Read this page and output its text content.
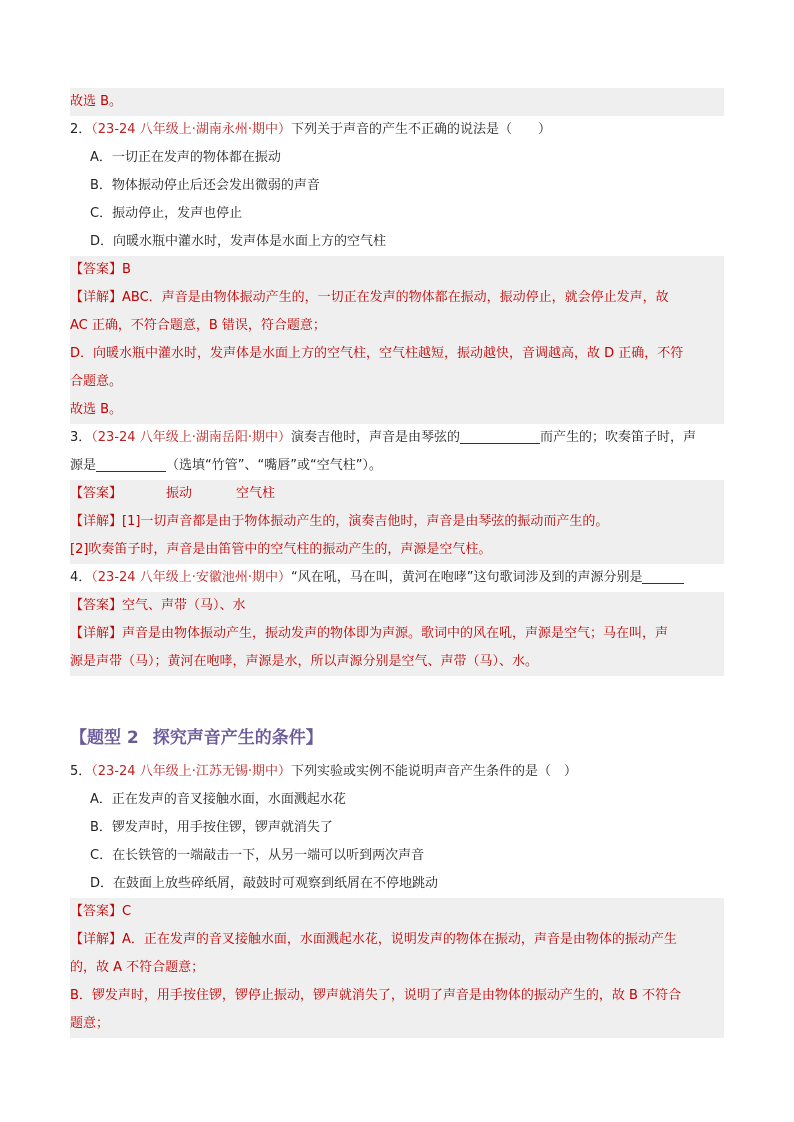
故选 B。
2．（23-24 八年级上·湖南永州·期中）下列关于声音的产生不正确的说法是（　　）
A．一切正在发声的物体都在振动
B．物体振动停止后还会发出微弱的声音
C．振动停止，发声也停止
D．向暖水瓶中灌水时，发声体是水面上方的空气柱
【答案】B
【详解】ABC．声音是由物体振动产生的，一切正在发声的物体都在振动，振动停止，就会停止发声，故
AC 正确，不符合题意，B 错误，符合题意；
D．向暖水瓶中灌水时，发声体是水面上方的空气柱，空气柱越短，振动越快，音调越高，故 D 正确，不符
合题意。
故选 B。
3．（23-24 八年级上·湖南岳阳·期中）演奏吉他时，声音是由琴弦的	而产生的；吹奏笛子时，声
源是	（选填“竹管”、“嘴唇”或“空气柱”）。
【答案】	振动	空气柱
【详解】[1]一切声音都是由于物体振动产生的，演奏吉他时，声音是由琴弦的振动而产生的。
[2]吹奏笛子时，声音是由笛管中的空气柱的振动产生的，声源是空气柱。
4．（23-24 八年级上·安徽池州·期中）“风在吼，马在叫，黄河在咆哮”这句歌词涉及到的声源分别是
【答案】空气、声带（马）、水
【详解】声音是由物体振动产生，振动发声的物体即为声源。歌词中的风在吼，声源是空气；马在叫，声
源是声带（马）；黄河在咆哮，声源是水，所以声源分别是空气、声带（马）、水。
【题型 2 探究声音产生的条件】
5．（23-24 八年级上·江苏无锡·期中）下列实验或实例不能说明声音产生条件的是（　）
A．正在发声的音叉接触水面，水面溅起水花
B．锣发声时，用手按住锣，锣声就消失了
C．在长铁管的一端敲击一下，从另一端可以听到两次声音
D．在鼓面上放些碎纸屑，敲鼓时可观察到纸屑在不停地跳动
【答案】C
【详解】A．正在发声的音叉接触水面，水面溅起水花，说明发声的物体在振动，声音是由物体的振动产生
的，故 A 不符合题意；
B．锣发声时，用手按住锣，锣停止振动，锣声就消失了，说明了声音是由物体的振动产生的，故 B 不符合
题意；
